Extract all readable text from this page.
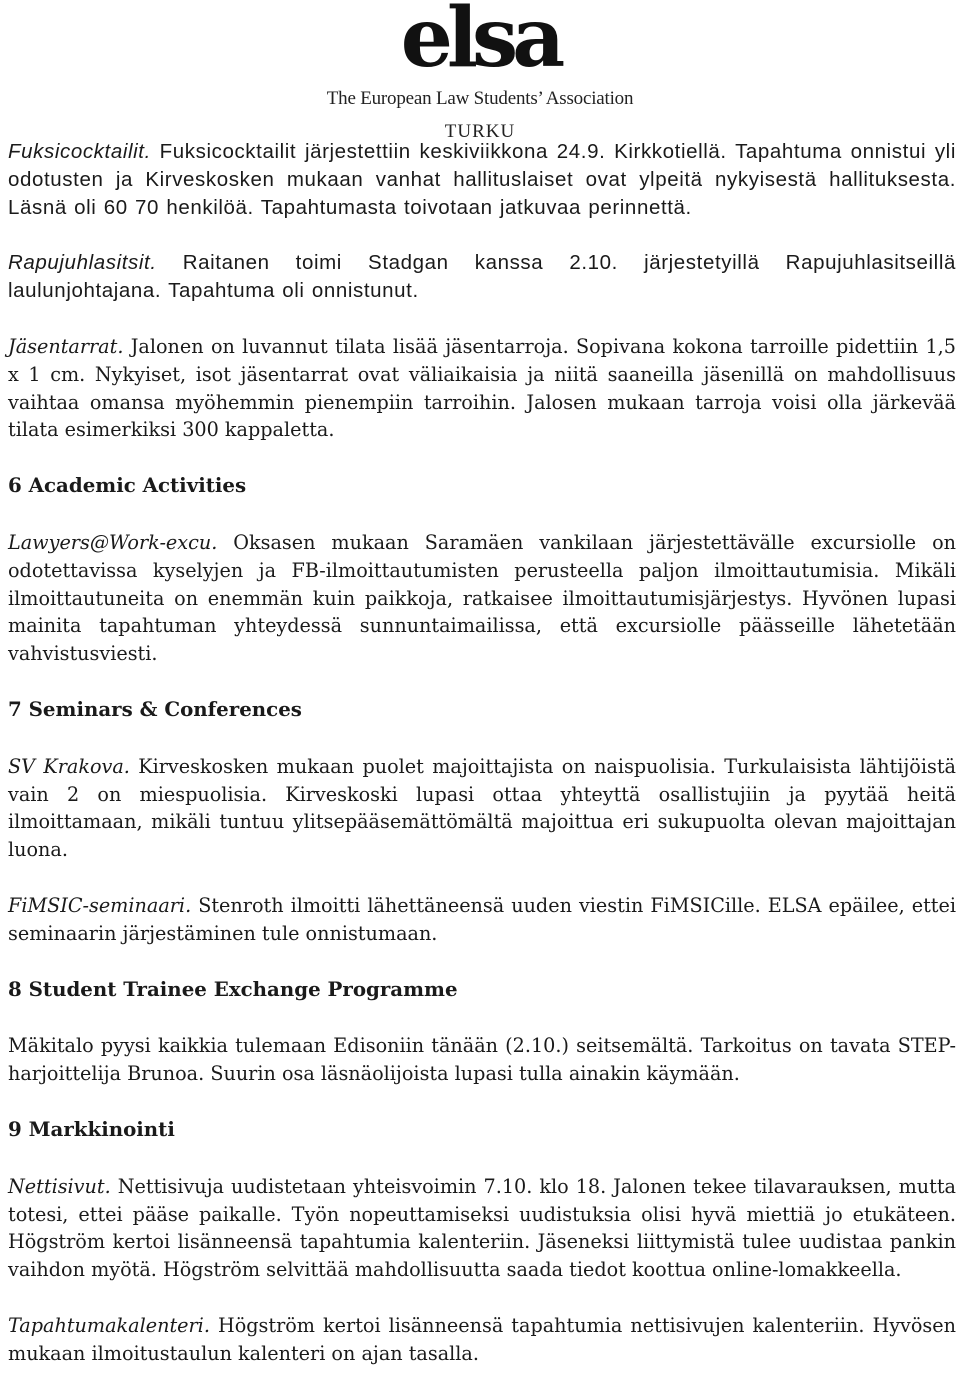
elsa
The European Law Students’ Association
TURKU
Fuksicocktailit. Fuksicocktailit järjestettiin keskiviikkona 24.9. Kirkkotiellä. Tapahtuma onnistui yli odotusten ja Kirveskosken mukaan vanhat hallituslaiset ovat ylpeitä nykyisestä hallituksesta. Läsnä oli 60 70 henkilöä. Tapahtumasta toivotaan jatkuvaa perinnettä.
Rapujuhlasitsit. Raitanen toimi Stadgan kanssa 2.10. järjestetyillä Rapujuhlasitseillä laulunjohtajana. Tapahtuma oli onnistunut.
Jäsentarrat. Jalonen on luvannut tilata lisää jäsentarroja. Sopivana kokona tarroille pidettiin 1,5 x 1 cm. Nykyiset, isot jäsentarrat ovat väliaikaisia ja niitä saaneilla jäsenillä on mahdollisuus vaihtaa omansa myöhemmin pienempiin tarroihin. Jalosen mukaan tarroja voisi olla järkevää tilata esimerkiksi 300 kappaletta.
6 Academic Activities
Lawyers@Work-excu. Oksasen mukaan Saramäen vankilaan järjestettävälle excursiolle on odotettavissa kyselyjen ja FB-ilmoittautumisten perusteella paljon ilmoittautumisia. Mikäli ilmoittautuneita on enemmän kuin paikkoja, ratkaisee ilmoittautumisjärjestys. Hyvönen lupasi mainita tapahtuman yhteydessä sunnuntaimailissa, että excursiolle päässeille lähetetään vahvistusviesti.
7 Seminars & Conferences
SV Krakova. Kirveskosken mukaan puolet majoittajista on naispuolisia. Turkulaisista lähtijöistä vain 2 on miespuolisia. Kirveskoski lupasi ottaa yhteyttä osallistujiin ja pyytää heitä ilmoittamaan, mikäli tuntuu ylitsepääsemättömältä majoittua eri sukupuolta olevan majoittajan luona.
FiMSIC-seminaari. Stenroth ilmoitti lähettäneensä uuden viestin FiMSICille. ELSA epäilee, ettei seminaarin järjestäminen tule onnistumaan.
8 Student Trainee Exchange Programme
Mäkitalo pyysi kaikkia tulemaan Edisoniin tänään (2.10.) seitsemältä. Tarkoitus on tavata STEP-harjoittelija Brunoa. Suurin osa läsnäolijoista lupasi tulla ainakin käymään.
9 Markkinointi
Nettisivut. Nettisivuja uudistetaan yhteisvoimin 7.10. klo 18. Jalonen tekee tilavarauksen, mutta totesi, ettei pääse paikalle. Työn nopeuttamiseksi uudistuksia olisi hyvä miettiä jo etukäteen. Högström kertoi lisänneensä tapahtumia kalenteriin. Jäseneksi liittymistä tulee uudistaa pankin vaihdon myötä. Högström selvittää mahdollisuutta saada tiedot koottua online-lomakkeella.
Tapahtumakalenteri. Högström kertoi lisänneensä tapahtumia nettisivujen kalenteriin. Hyvösen mukaan ilmoitustaulun kalenteri on ajan tasalla.
